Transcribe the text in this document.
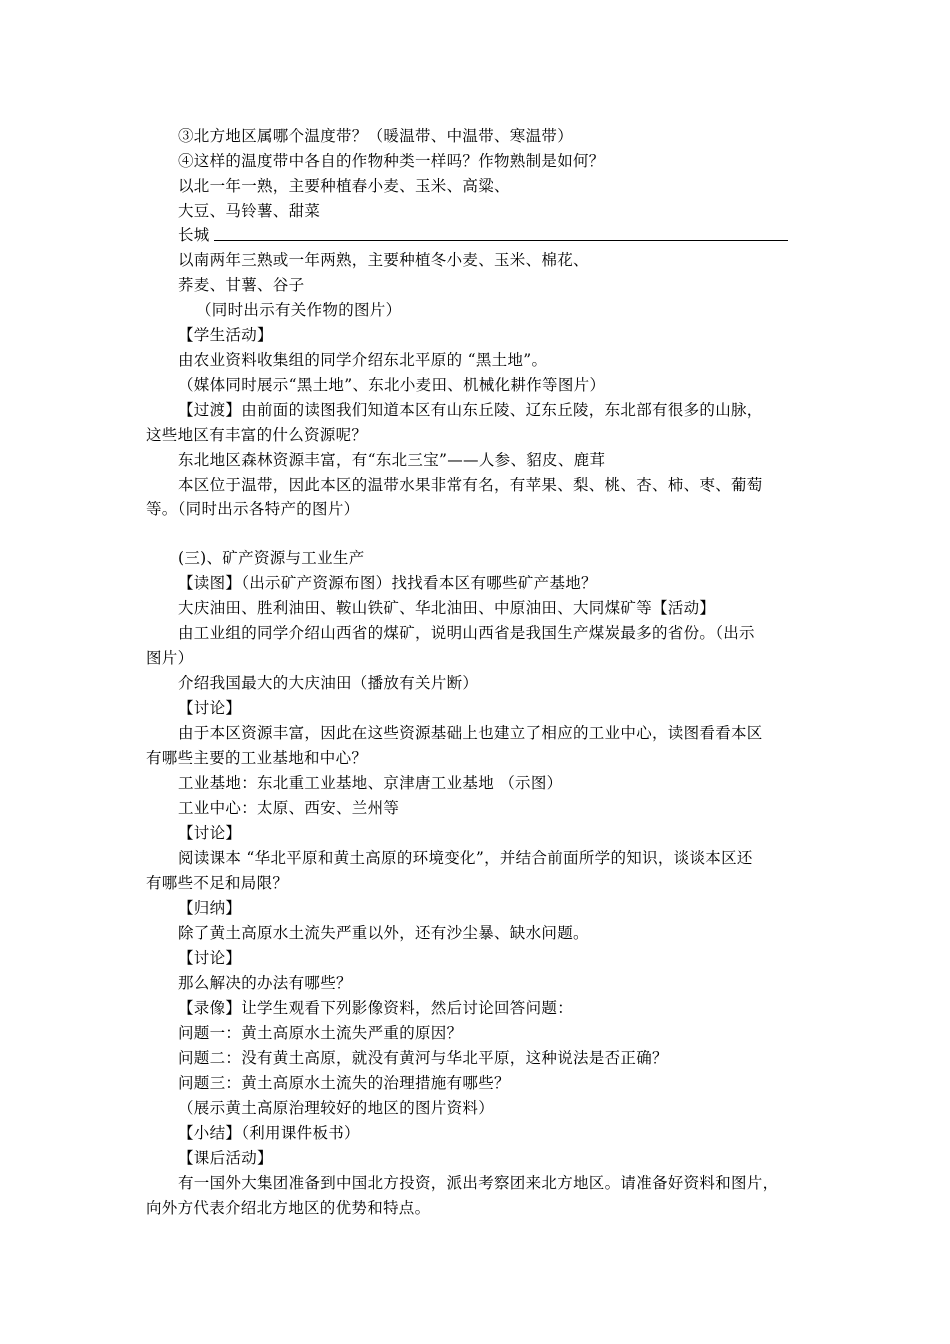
③北方地区属哪个温度带？（暖温带、中温带、寒温带）
④这样的温度带中各自的作物种类一样吗？作物熟制是如何？
以北一年一熟，主要种植春小麦、玉米、高粱、
大豆、马铃薯、甜菜
长城
以南两年三熟或一年两熟，主要种植冬小麦、玉米、棉花、
荞麦、甘薯、谷子
（同时出示有关作物的图片）
【学生活动】
由农业资料收集组的同学介绍东北平原的 “黑土地”。
（媒体同时展示“黑土地”、东北小麦田、机械化耕作等图片）
【过渡】由前面的读图我们知道本区有山东丘陵、辽东丘陵，东北部有很多的山脉，
这些地区有丰富的什么资源呢？
东北地区森林资源丰富，有“东北三宝”——人参、貂皮、鹿茸
本区位于温带，因此本区的温带水果非常有名，有苹果、梨、桃、杏、柿、枣、葡萄
等。（同时出示各特产的图片）
(三)、矿产资源与工业生产
【读图】（出示矿产资源布图）找找看本区有哪些矿产基地？
大庆油田、胜利油田、鞍山铁矿、华北油田、中原油田、大同煤矿等【活动】
由工业组的同学介绍山西省的煤矿，说明山西省是我国生产煤炭最多的省份。（出示
图片）
介绍我国最大的大庆油田（播放有关片断）
【讨论】
由于本区资源丰富，因此在这些资源基础上也建立了相应的工业中心，读图看看本区
有哪些主要的工业基地和中心？
工业基地：东北重工业基地、京津唐工业基地 （示图）
工业中心：太原、西安、兰州等
【讨论】
阅读课本 “华北平原和黄土高原的环境变化”，并结合前面所学的知识，谈谈本区还
有哪些不足和局限？
【归纳】
除了黄土高原水土流失严重以外，还有沙尘暴、缺水问题。
【讨论】
那么解决的办法有哪些？
【录像】让学生观看下列影像资料，然后讨论回答问题：
问题一：黄土高原水土流失严重的原因？
问题二：没有黄土高原，就没有黄河与华北平原，这种说法是否正确？
问题三：黄土高原水土流失的治理措施有哪些？
（展示黄土高原治理较好的地区的图片资料）
【小结】（利用课件板书）
【课后活动】
有一国外大集团准备到中国北方投资，派出考察团来北方地区。请准备好资料和图片，
向外方代表介绍北方地区的优势和特点。
